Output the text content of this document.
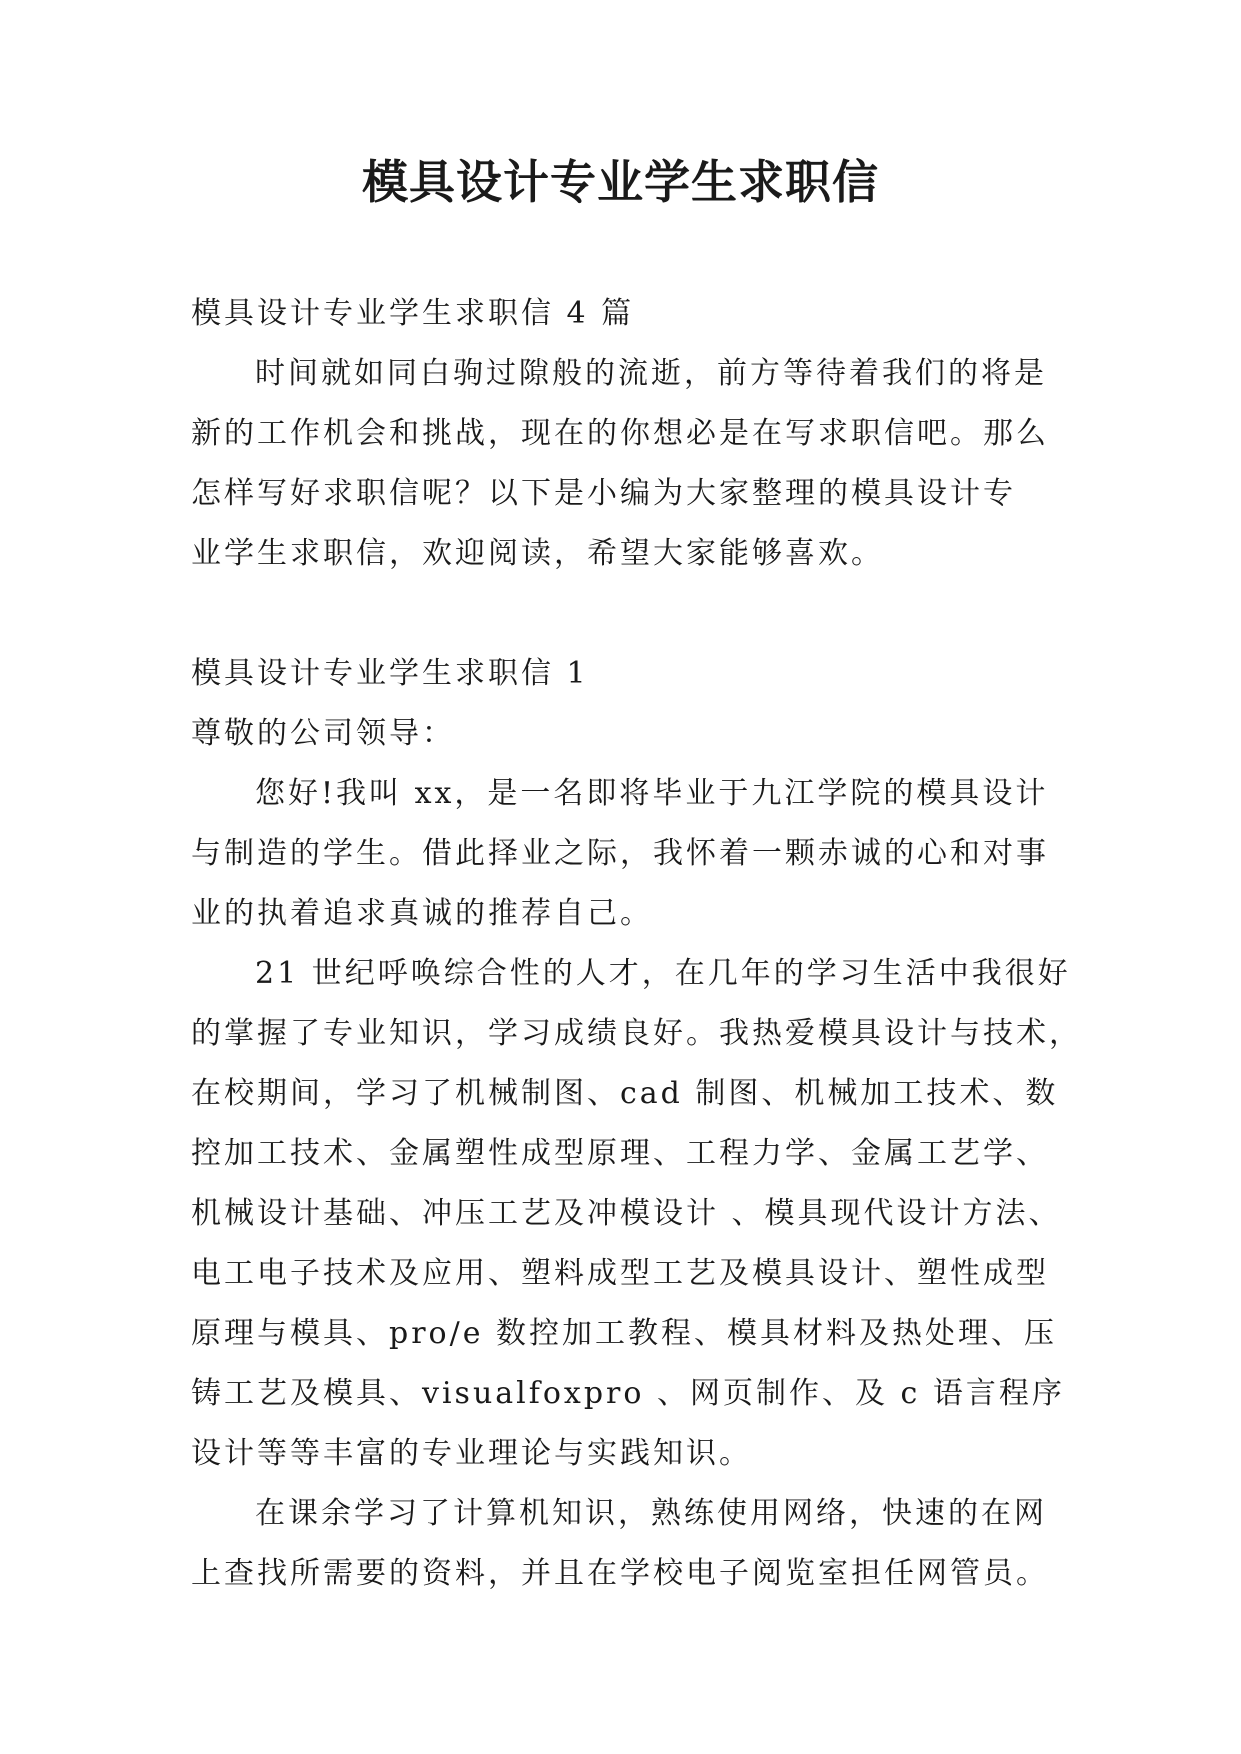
模具设计专业学生求职信
模具设计专业学生求职信 4 篇
时间就如同白驹过隙般的流逝，前方等待着我们的将是
新的工作机会和挑战，现在的你想必是在写求职信吧。那么
怎样写好求职信呢？以下是小编为大家整理的模具设计专
业学生求职信，欢迎阅读，希望大家能够喜欢。
模具设计专业学生求职信 1
尊敬的公司领导：
您好!我叫 xx，是一名即将毕业于九江学院的模具设计
与制造的学生。借此择业之际，我怀着一颗赤诚的心和对事
业的执着追求真诚的推荐自己。
21 世纪呼唤综合性的人才，在几年的学习生活中我很好
的掌握了专业知识，学习成绩良好。我热爱模具设计与技术，
在校期间，学习了机械制图、cad 制图、机械加工技术、数
控加工技术、金属塑性成型原理、工程力学、金属工艺学、
机械设计基础、冲压工艺及冲模设计 、模具现代设计方法、
电工电子技术及应用、塑料成型工艺及模具设计、塑性成型
原理与模具、pro/e 数控加工教程、模具材料及热处理、压
铸工艺及模具、visualfoxpro 、网页制作、及 c 语言程序
设计等等丰富的专业理论与实践知识。
在课余学习了计算机知识，熟练使用网络，快速的在网
上查找所需要的资料，并且在学校电子阅览室担任网管员。
